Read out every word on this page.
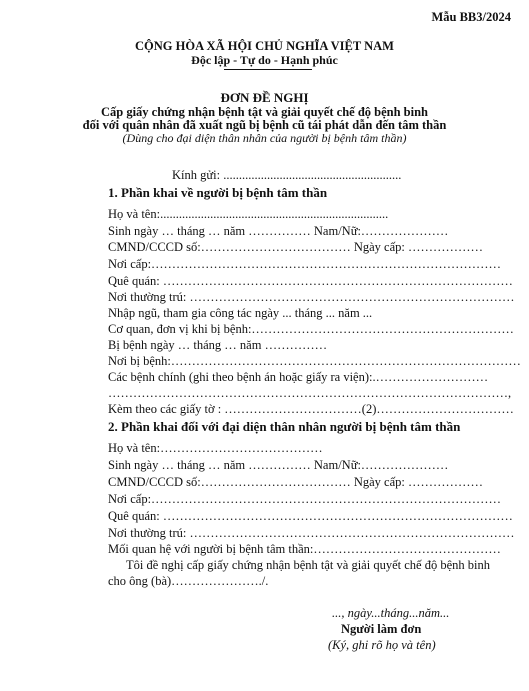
Mẫu BB3/2024
CỘNG HÒA XÃ HỘI CHỦ NGHĨA VIỆT NAM
Độc lập - Tự do - Hạnh phúc
ĐƠN ĐỀ NGHỊ
Cấp giấy chứng nhận bệnh tật và giải quyết chế độ bệnh binh
đối với quân nhân đã xuất ngũ bị bệnh cũ tái phát dẫn đến tâm thần
(Dùng cho đại diện thân nhân của người bị bệnh tâm thần)
Kính gửi: .........................................................
1. Phần khai về người bị bệnh tâm thần
Họ và tên:.........................................................................
Sinh ngày … tháng … năm …………… Nam/Nữ:…………………
CMND/CCCD số:……………………………… Ngày cấp: ………………
Nơi cấp:…………………………………………………………………………
Quê quán: …………………………………………………………………………
Nơi thường trú: ……………………………………………………………………
Nhập ngũ, tham gia công tác ngày ... tháng ... năm ...
Cơ quan, đơn vị khi bị bệnh:………………………………………………………
Bị bệnh ngày … tháng … năm ……………
Nơi bị bệnh:…………………………………………………………………………
Các bệnh chính (ghi theo bệnh án hoặc giấy ra viện):.………………………
……………………………………………………………………………………,
Kèm theo các giấy tờ : ……………………………(2)……………………………
2. Phần khai đối với đại diện thân nhân người bị bệnh tâm thần
Họ và tên:…………………………………
Sinh ngày … tháng … năm …………… Nam/Nữ:…………………
CMND/CCCD số:……………………………… Ngày cấp: ………………
Nơi cấp:…………………………………………………………………………
Quê quán: …………………………………………………………………………
Nơi thường trú: ……………………………………………………………………
Mối quan hệ với người bị bệnh tâm thần:………………………………………
Tôi đề nghị cấp giấy chứng nhận bệnh tật và giải quyết chế độ bệnh binh
cho ông (bà)…………………./.
..., ngày...tháng...năm...
Người làm đơn
(Ký, ghi rõ họ và tên)
